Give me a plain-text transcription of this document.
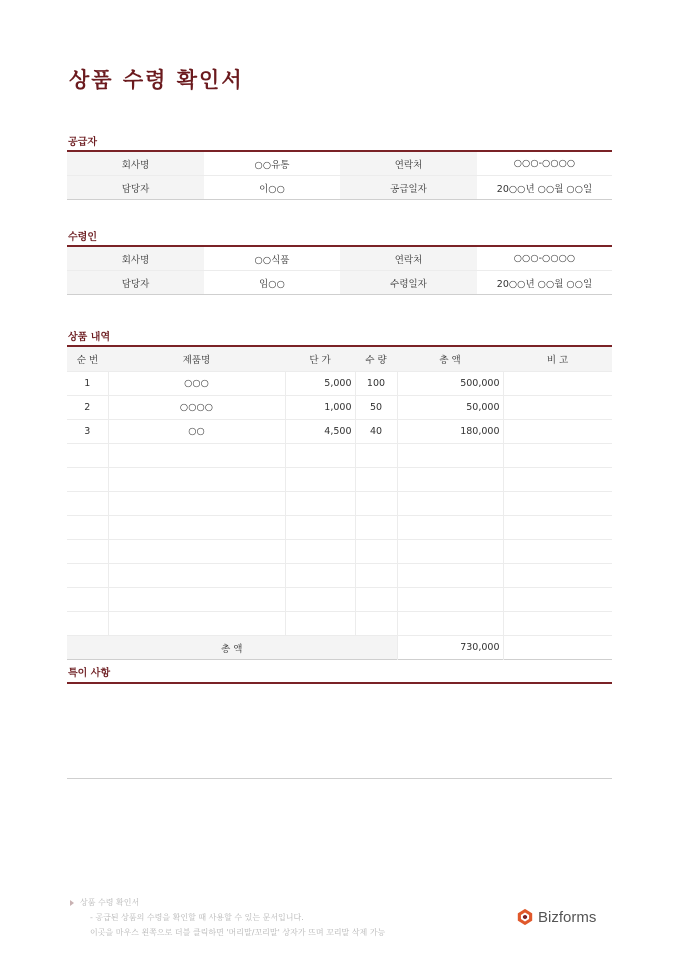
상품 수령 확인서
공급자
회사명	○○유통	연락처	○○○-○○○○
담당자	이○○	공급일자	20○○년 ○○월 ○○일
수령인
회사명	○○식품	연락처	○○○-○○○○
담당자	임○○	수령일자	20○○년 ○○월 ○○일
상품 내역
순 번	제품명	단 가	수 량	총 액	비 고
1	○○○	5,000	100	500,000	
2	○○○○	1,000	50	50,000	
3	○○	4,500	40	180,000	

총 액				730,000	
특이 사항
상품 수령 확인서
- 공급된 상품의 수령을 확인할 때 사용할 수 있는 문서입니다.
이곳을 마우스 왼쪽으로 더블 클릭하면 '머리말/꼬리말' 상자가 뜨며 꼬리말 삭제 가능
Bizforms
